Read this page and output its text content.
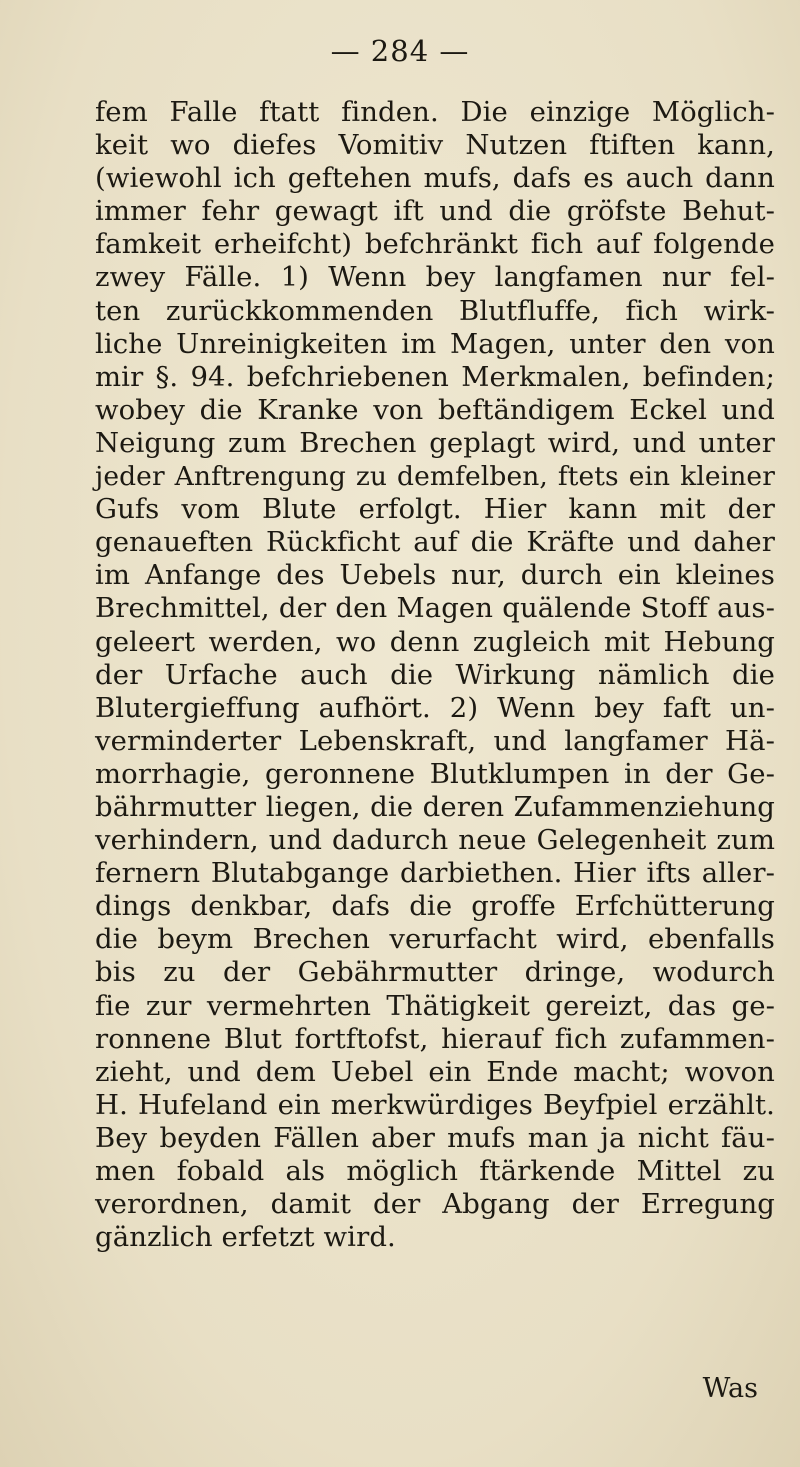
— 284 —
fem Falle ftatt finden. Die einzige Möglich-
keit wo diefes Vomitiv Nutzen ftiften kann,
(wiewohl ich geftehen mufs, dafs es auch dann
immer fehr gewagt ift und die gröfste Behut-
famkeit erheifcht) befchränkt fich auf folgende
zwey Fälle. 1) Wenn bey langfamen nur fel-
ten zurückkommenden Blutfluffe, fich wirk-
liche Unreinigkeiten im Magen, unter den von
mir §. 94. befchriebenen Merkmalen, befinden;
wobey die Kranke von beftändigem Eckel und
Neigung zum Brechen geplagt wird, und unter
jeder Anftrengung zu demfelben, ftets ein kleiner
Gufs vom Blute erfolgt. Hier kann mit der
genaueften Rückficht auf die Kräfte und daher
im Anfange des Uebels nur, durch ein kleines
Brechmittel, der den Magen quälende Stoff aus-
geleert werden, wo denn zugleich mit Hebung
der Urfache auch die Wirkung nämlich die
Blutergieffung aufhört. 2) Wenn bey faft un-
verminderter Lebenskraft, und langfamer Hä-
morrhagie, geronnene Blutklumpen in der Ge-
bährmutter liegen, die deren Zufammenziehung
verhindern, und dadurch neue Gelegenheit zum
fernern Blutabgange darbiethen. Hier ifts aller-
dings denkbar, dafs die groffe Erfchütterung
die beym Brechen verurfacht wird, ebenfalls
bis zu der Gebährmutter dringe, wodurch
fie zur vermehrten Thätigkeit gereizt, das ge-
ronnene Blut fortftofst, hierauf fich zufammen-
zieht, und dem Uebel ein Ende macht; wovon
H. Hufeland ein merkwürdiges Beyfpiel erzählt.
Bey beyden Fällen aber mufs man ja nicht fäu-
men fobald als möglich ftärkende Mittel zu
verordnen, damit der Abgang der Erregung
gänzlich erfetzt wird.
Was
